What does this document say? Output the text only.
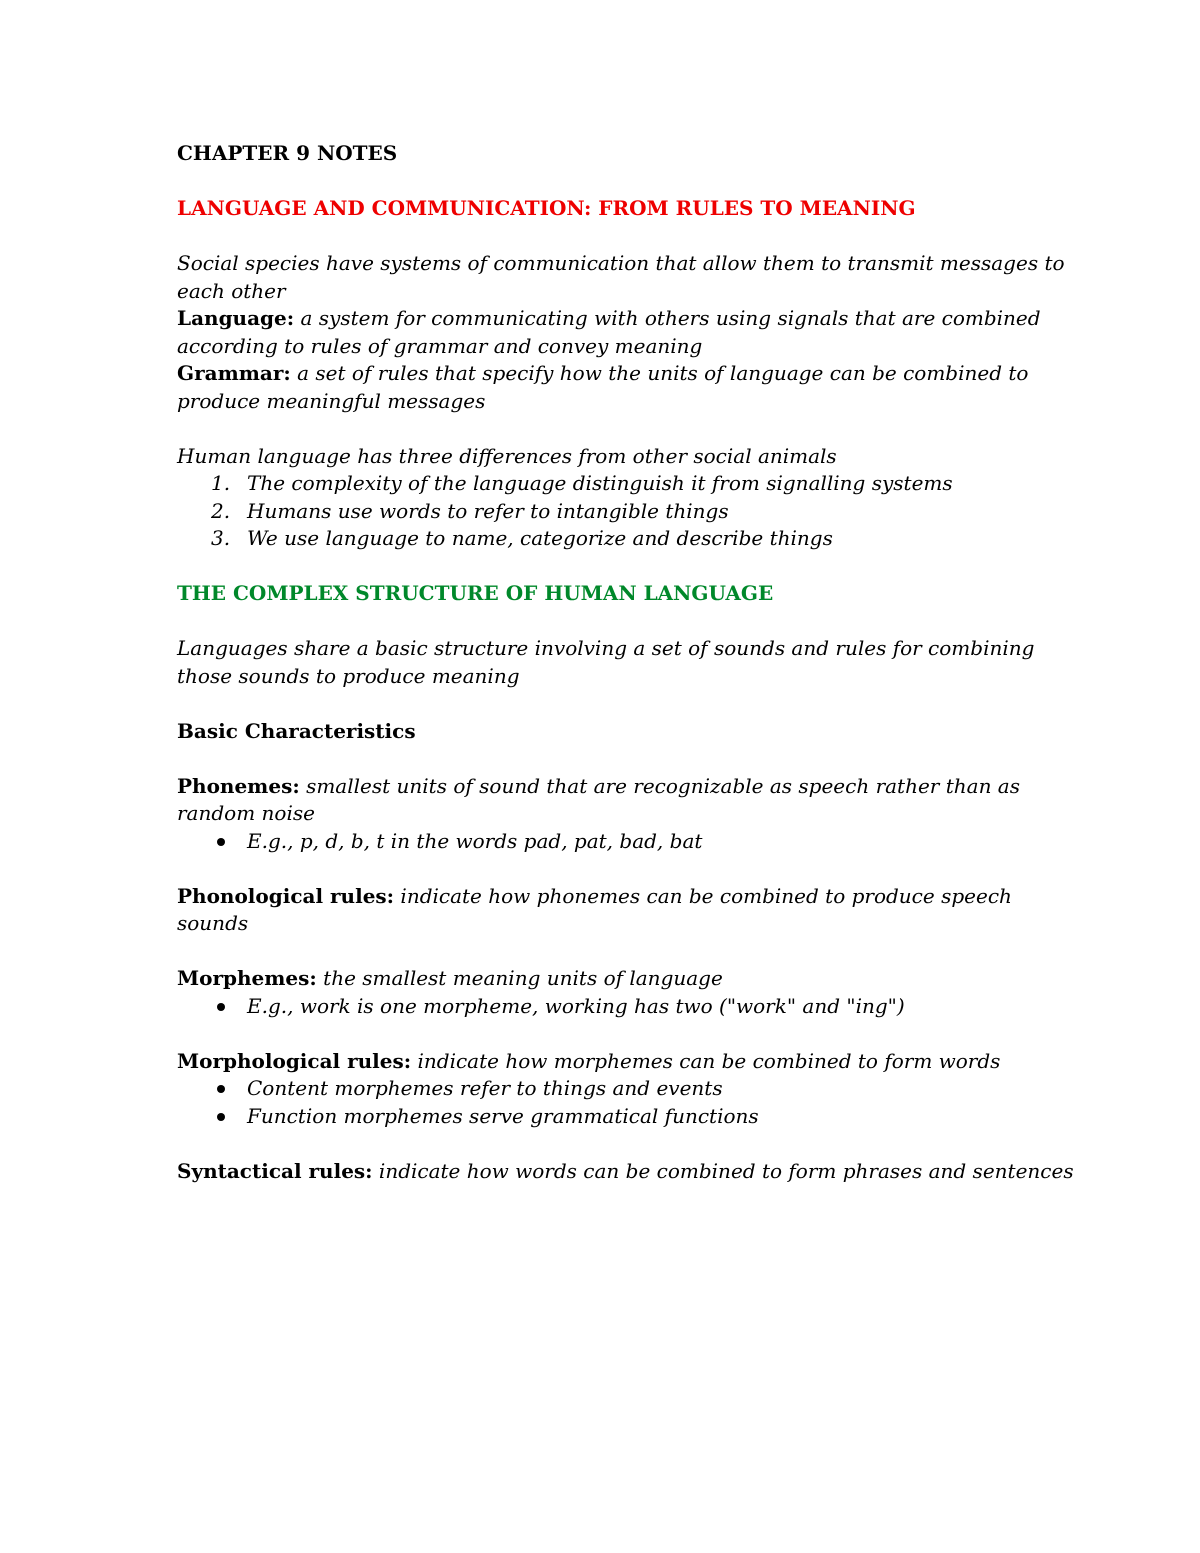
CHAPTER 9 NOTES

LANGUAGE AND COMMUNICATION: FROM RULES TO MEANING

Social species have systems of communication that allow them to transmit messages to

each other

Language: a system for communicating with others using signals that are combined

according to rules of grammar and convey meaning

Grammar: a set of rules that specify how the units of language can be combined to

produce meaningful messages

Human language has three differences from other social animals

1. The complexity of the language distinguish it from signalling systems
2. Humans use words to refer to intangible things
3. We use language to name, categorize and describe things

THE COMPLEX STRUCTURE OF HUMAN LANGUAGE

Languages share a basic structure involving a set of sounds and rules for combining

those sounds to produce meaning

Basic Characteristics

Phonemes: smallest units of sound that are recognizable as speech rather than as

random noise

E.g., p, d, b, t in the words pad, pat, bad, bat

Phonological rules: indicate how phonemes can be combined to produce speech

sounds

Morphemes: the smallest meaning units of language

E.g., work is one morpheme, working has two ("work" and "ing")

Morphological rules: indicate how morphemes can be combined to form words

Content morphemes refer to things and events
Function morphemes serve grammatical functions

Syntactical rules: indicate how words can be combined to form phrases and sentences
